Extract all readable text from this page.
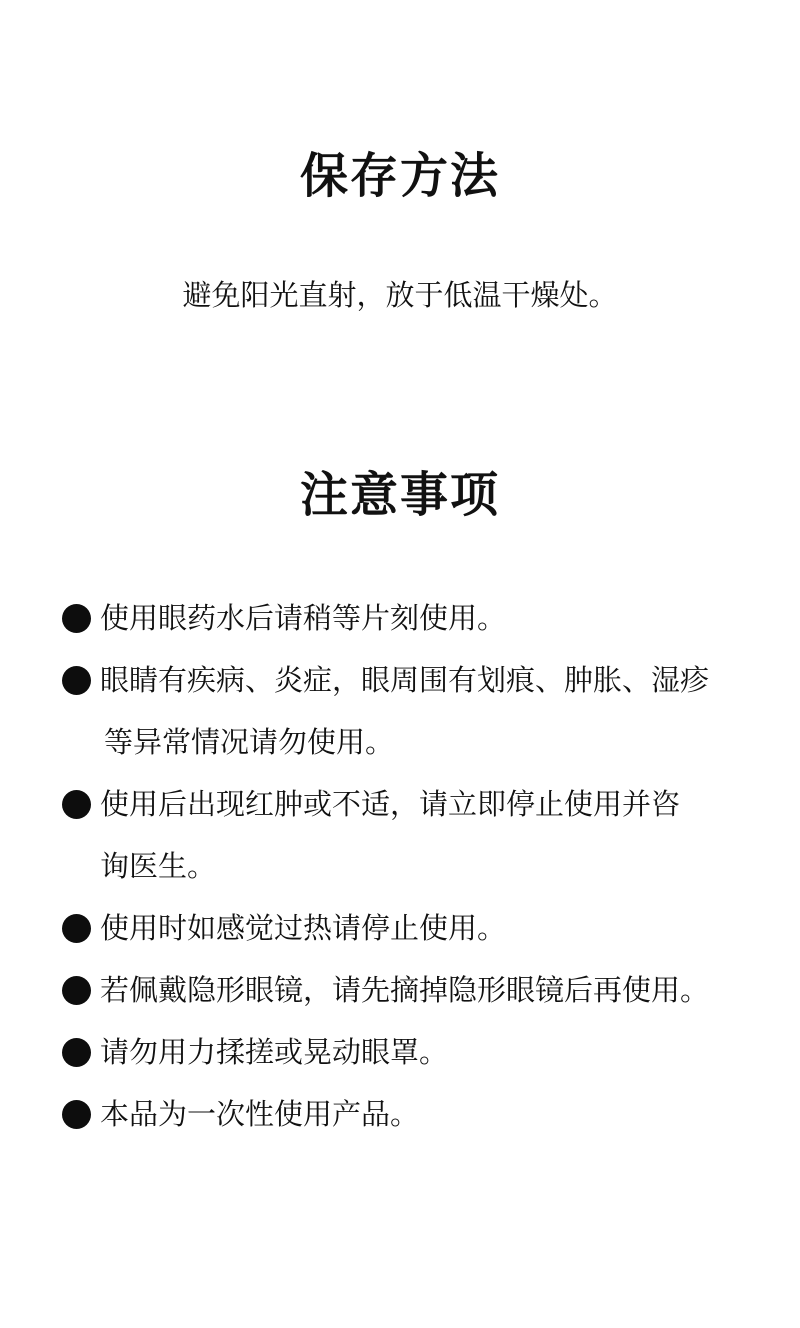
保存方法

避免阳光直射，放于低温干燥处。

注意事项
使用眼药水后请稍等片刻使用。
眼睛有疾病、炎症，眼周围有划痕、肿胀、湿疹
等异常情况请勿使用。
使用后出现红肿或不适，请立即停止使用并咨
询医生。
使用时如感觉过热请停止使用。
若佩戴隐形眼镜，请先摘掉隐形眼镜后再使用。
请勿用力揉搓或晃动眼罩。
本品为一次性使用产品。
